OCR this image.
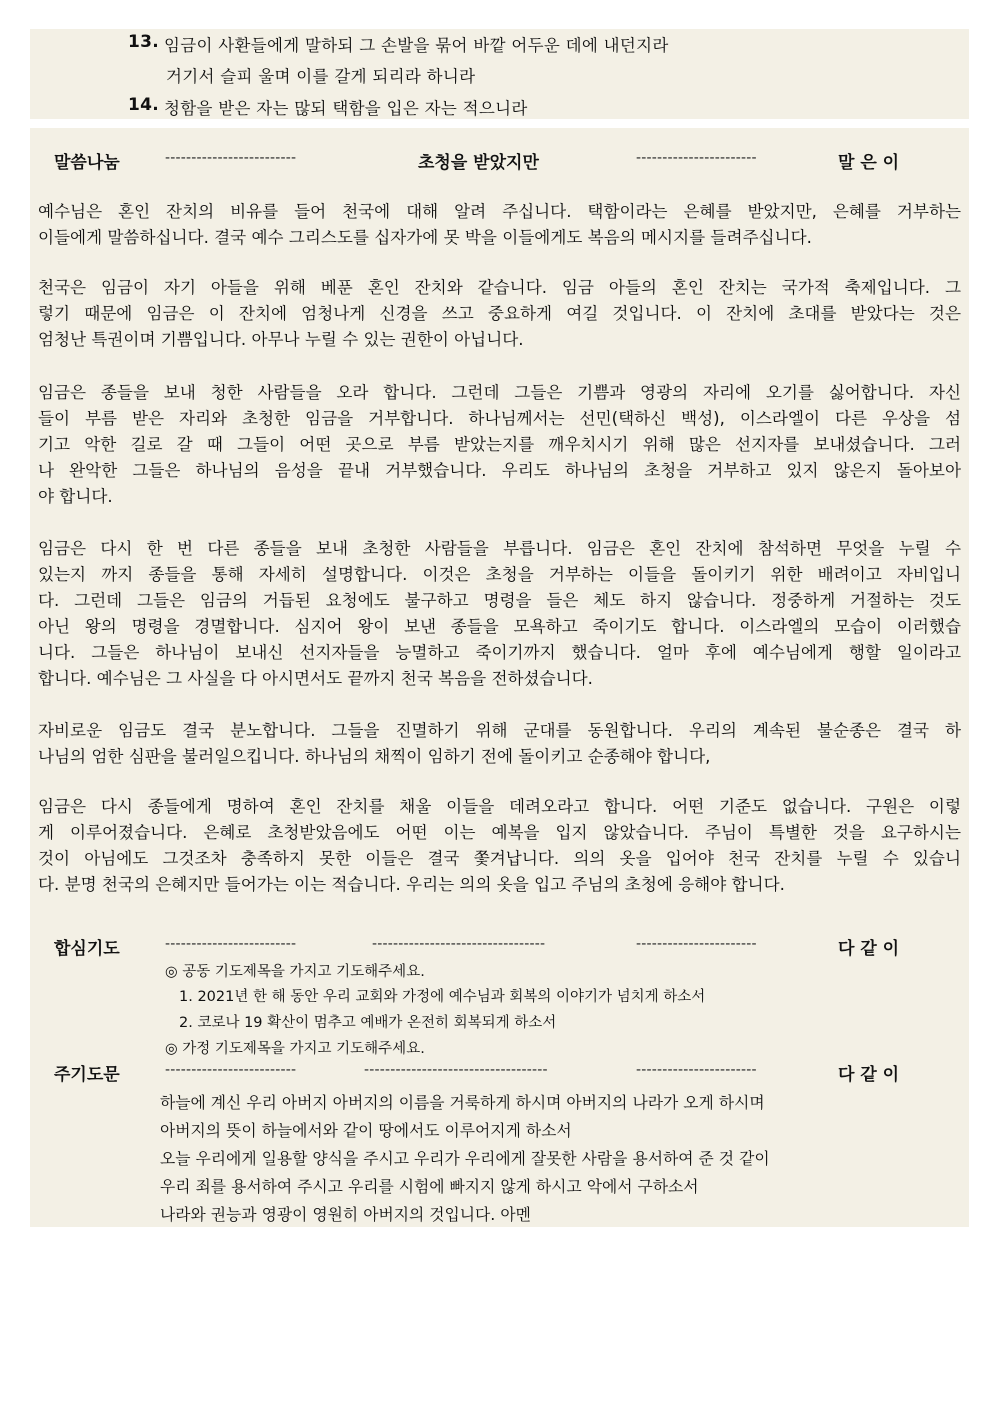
13. 임금이 사환들에게 말하되 그 손발을 묶어 바깥 어두운 데에 내던지라
거기서 슬피 울며 이를 갈게 되리라 하니라
14. 청함을 받은 자는 많되 택함을 입은 자는 적으니라
말씀나눔	-------------------------	초청을 받았지만	-----------------------	말 은 이
예수님은 혼인 잔치의 비유를 들어 천국에 대해 알려 주십니다. 택함이라는 은혜를 받았지만, 은혜를 거부하는
이들에게 말씀하십니다. 결국 예수 그리스도를 십자가에 못 박을 이들에게도 복음의 메시지를 들려주십니다.
천국은 임금이 자기 아들을 위해 베푼 혼인 잔치와 같습니다. 임금 아들의 혼인 잔치는 국가적 축제입니다. 그
렇기 때문에 임금은 이 잔치에 엄청나게 신경을 쓰고 중요하게 여길 것입니다. 이 잔치에 초대를 받았다는 것은
엄청난 특권이며 기쁨입니다. 아무나 누릴 수 있는 권한이 아닙니다.
임금은 종들을 보내 청한 사람들을 오라 합니다. 그런데 그들은 기쁨과 영광의 자리에 오기를 싫어합니다. 자신
들이 부름 받은 자리와 초청한 임금을 거부합니다. 하나님께서는 선민(택하신 백성), 이스라엘이 다른 우상을 섬
기고 악한 길로 갈 때 그들이 어떤 곳으로 부름 받았는지를 깨우치시기 위해 많은 선지자를 보내셨습니다. 그러
나 완악한 그들은 하나님의 음성을 끝내 거부했습니다. 우리도 하나님의 초청을 거부하고 있지 않은지 돌아보아
야 합니다.
임금은 다시 한 번 다른 종들을 보내 초청한 사람들을 부릅니다. 임금은 혼인 잔치에 참석하면 무엇을 누릴 수
있는지 까지 종들을 통해 자세히 설명합니다. 이것은 초청을 거부하는 이들을 돌이키기 위한 배려이고 자비입니
다. 그런데 그들은 임금의 거듭된 요청에도 불구하고 명령을 들은 체도 하지 않습니다. 정중하게 거절하는 것도
아닌 왕의 명령을 경멸합니다. 심지어 왕이 보낸 종들을 모욕하고 죽이기도 합니다. 이스라엘의 모습이 이러했습
니다. 그들은 하나님이 보내신 선지자들을 능멸하고 죽이기까지 했습니다. 얼마 후에 예수님에게 행할 일이라고
합니다. 예수님은 그 사실을 다 아시면서도 끝까지 천국 복음을 전하셨습니다.
자비로운 임금도 결국 분노합니다. 그들을 진멸하기 위해 군대를 동원합니다. 우리의 계속된 불순종은 결국 하
나님의 엄한 심판을 불러일으킵니다. 하나님의 채찍이 임하기 전에 돌이키고 순종해야 합니다,
임금은 다시 종들에게 명하여 혼인 잔치를 채울 이들을 데려오라고 합니다. 어떤 기준도 없습니다. 구원은 이렇
게 이루어졌습니다. 은혜로 초청받았음에도 어떤 이는 예복을 입지 않았습니다. 주님이 특별한 것을 요구하시는
것이 아님에도 그것조차 충족하지 못한 이들은 결국 쫓겨납니다. 의의 옷을 입어야 천국 잔치를 누릴 수 있습니
다. 분명 천국의 은혜지만 들어가는 이는 적습니다. 우리는 의의 옷을 입고 주님의 초청에 응해야 합니다.
합심기도	-------------------------	---------------------------------	-----------------------	다 같 이
◎ 공동 기도제목을 가지고 기도해주세요.
1. 2021년 한 해 동안 우리 교회와 가정에 예수님과 회복의 이야기가 넘치게 하소서
2. 코로나 19 확산이 멈추고 예배가 온전히 회복되게 하소서
◎ 가정 기도제목을 가지고 기도해주세요.
주기도문	-------------------------	-----------------------------------	-----------------------	다 같 이
하늘에 계신 우리 아버지 아버지의 이름을 거룩하게 하시며 아버지의 나라가 오게 하시며
아버지의 뜻이 하늘에서와 같이 땅에서도 이루어지게 하소서
오늘 우리에게 일용할 양식을 주시고 우리가 우리에게 잘못한 사람을 용서하여 준 것 같이
우리 죄를 용서하여 주시고 우리를 시험에 빠지지 않게 하시고 악에서 구하소서
나라와 권능과 영광이 영원히 아버지의 것입니다. 아멘
